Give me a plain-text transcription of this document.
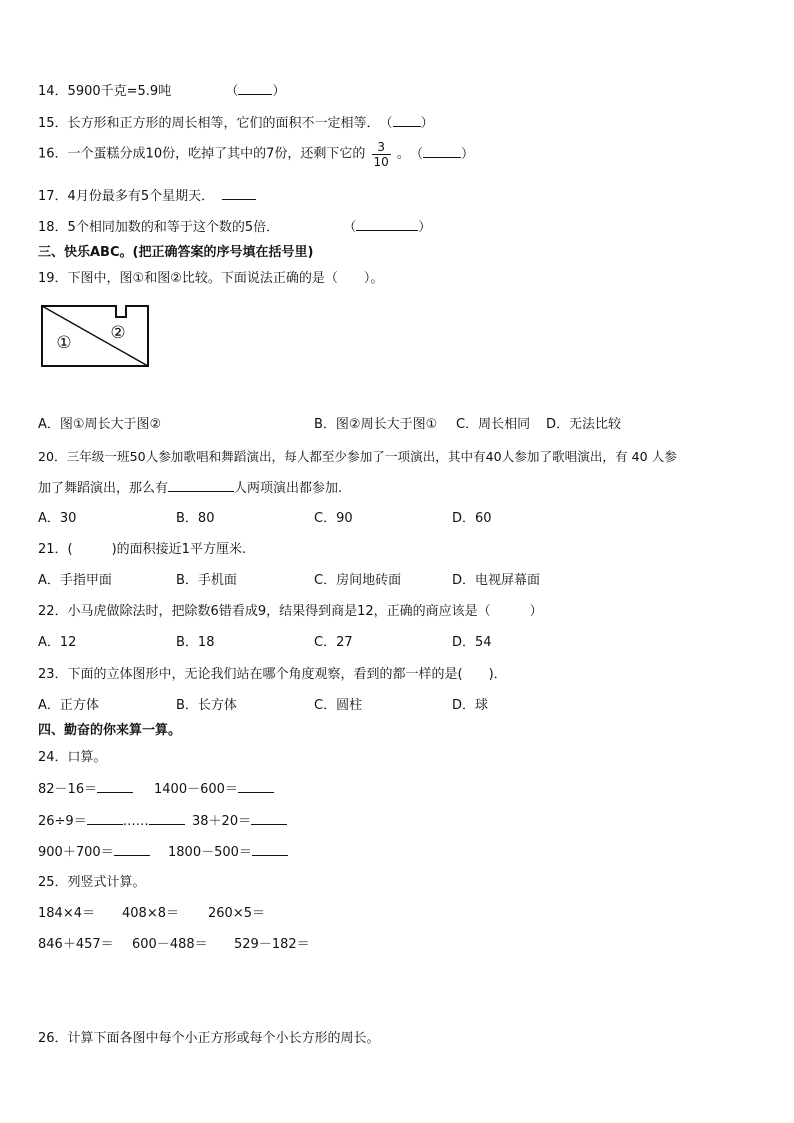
14．5900千克=5.9吨	（	）
15．长方形和正方形的周长相等，它们的面积不一定相等．（ ）
16．一个蛋糕分成10份，吃掉了其中的7份，还剩下它的 $\frac{3}{10}$ 。（	）
17．4月份最多有5个星期天．
18．5个相同加数的和等于这个数的5倍．	（	）
三、快乐ABC。(把正确答案的序号填在括号里)
19．下图中，图①和图②比较。下面说法正确的是（　　）。
① ②
A．图①周长大于图②	B．图②周长大于图① C．周长相同 D．无法比较
20．三年级一班50人参加歌唱和舞蹈演出，每人都至少参加了一项演出，其中有40人参加了歌唱演出，有 40 人参
加了舞蹈演出，那么有	人两项演出都参加.
A．30	B．80	C．90	D．60
21．(　　　)的面积接近1平方厘米.
A．手指甲面	B．手机面	C．房间地砖面	D．电视屏幕面
22．小马虎做除法时，把除数6错看成9，结果得到商是12，正确的商应该是（　　　）
A．12	B．18	C．27	D．54
23．下面的立体图形中，无论我们站在哪个角度观察，看到的都一样的是(　　)．
A．正方体	B．长方体	C．圆柱	D．球
四、勤奋的你来算一算。
24．口算。
82－16＝	1400－600＝
26÷9＝	……	38＋20＝
900＋700＝	1800－500＝
25．列竖式计算。
184×4＝ 408×8＝ 260×5＝
846＋457＝ 600－488＝ 529－182＝
26．计算下面各图中每个小正方形或每个小长方形的周长。
